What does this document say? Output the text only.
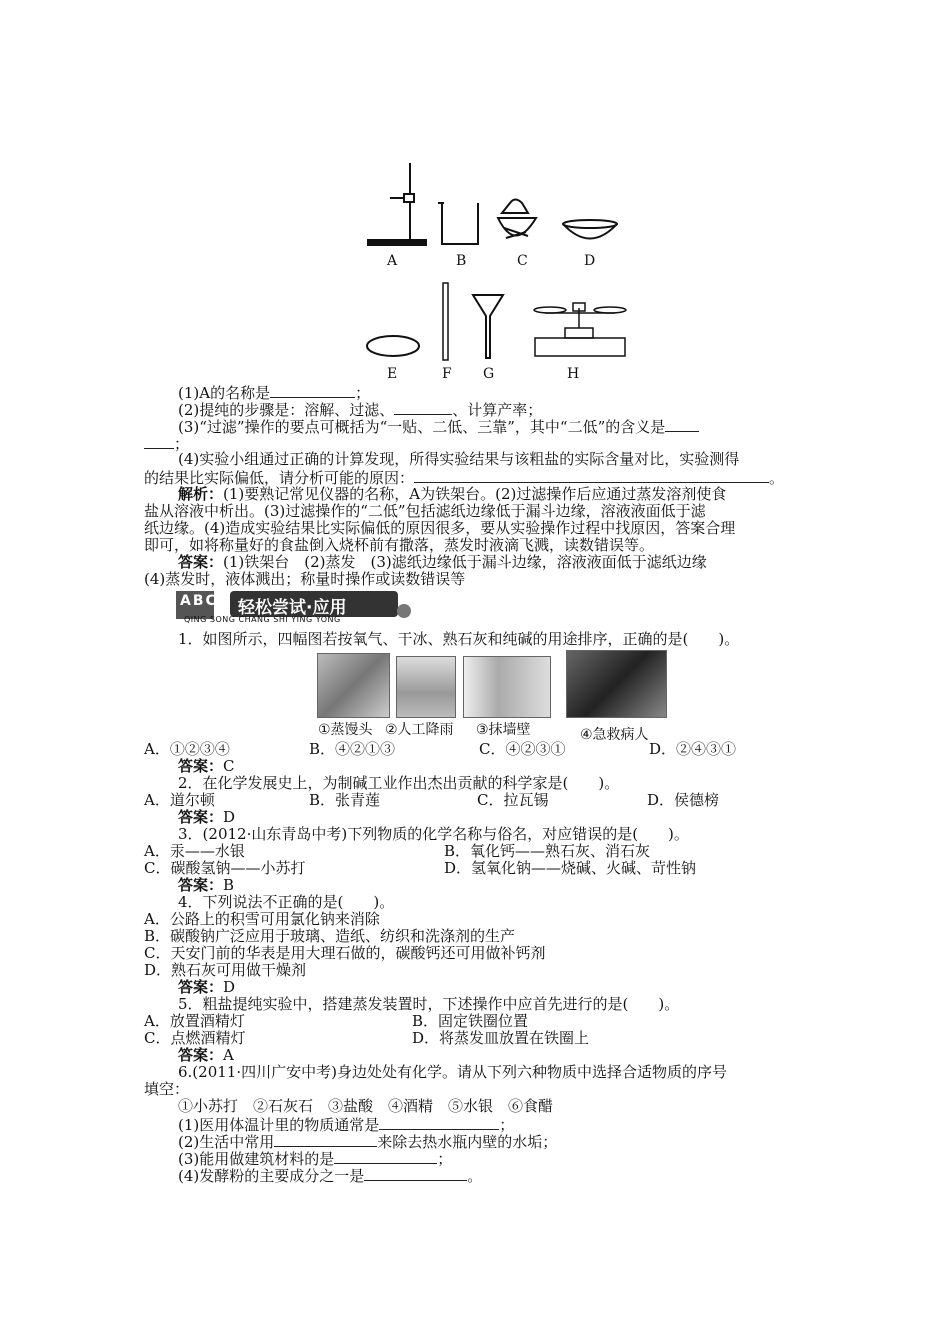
A	B	C	D
E	F G	H
(1)A的名称是	；
(2)提纯的步骤是：溶解、过滤、	、计算产率；
(3)“过滤”操作的要点可概括为“一贴、二低、三靠”，其中“二低”的含义是
；
(4)实验小组通过正确的计算发现，所得实验结果与该粗盐的实际含量对比，实验测得
的结果比实际偏低，请分析可能的原因：	。
解析：(1)要熟记常见仪器的名称，A为铁架台。(2)过滤操作后应通过蒸发溶剂使食
盐从溶液中析出。(3)过滤操作的“二低”包括滤纸边缘低于漏斗边缘，溶液液面低于滤
纸边缘。(4)造成实验结果比实际偏低的原因很多，要从实验操作过程中找原因，答案合理
即可，如将称量好的食盐倒入烧杯前有撒落，蒸发时液滴飞溅，读数错误等。
答案：(1)铁架台　(2)蒸发　(3)滤纸边缘低于漏斗边缘，溶液液面低于滤纸边缘
(4)蒸发时，液体溅出；称量时操作或读数错误等
ABC 轻松尝试·应用
QING SONG CHANG SHI YING YONG
1．如图所示，四幅图若按氧气、干冰、熟石灰和纯碱的用途排序，正确的是(　　)。
①蒸馒头 ②人工降雨 ③抹墙壁	④急救病人
A．①②③④	B．④②①③	C．④②③①	D．②④③①
答案：C
2．在化学发展史上，为制碱工业作出杰出贡献的科学家是(　　)。
A．道尔顿	B．张青莲	C．拉瓦锡	D．侯德榜
答案：D
3．(2012·山东青岛中考)下列物质的化学名称与俗名，对应错误的是(　　)。
A．汞——水银	B．氧化钙——熟石灰、消石灰
C．碳酸氢钠——小苏打	D．氢氧化钠——烧碱、火碱、苛性钠
答案：B
4．下列说法不正确的是(　　)。
A．公路上的积雪可用氯化钠来消除
B．碳酸钠广泛应用于玻璃、造纸、纺织和洗涤剂的生产
C．天安门前的华表是用大理石做的，碳酸钙还可用做补钙剂
D．熟石灰可用做干燥剂
答案：D
5．粗盐提纯实验中，搭建蒸发装置时，下述操作中应首先进行的是(　　)。
A．放置酒精灯	B．固定铁圈位置
C．点燃酒精灯	D．将蒸发皿放置在铁圈上
答案：A
6.(2011·四川广安中考)身边处处有化学。请从下列六种物质中选择合适物质的序号
填空：
①小苏打　②石灰石　③盐酸　④酒精　⑤水银　⑥食醋
(1)医用体温计里的物质通常是	；
(2)生活中常用	来除去热水瓶内壁的水垢；
(3)能用做建筑材料的是	；
(4)发酵粉的主要成分之一是	。
